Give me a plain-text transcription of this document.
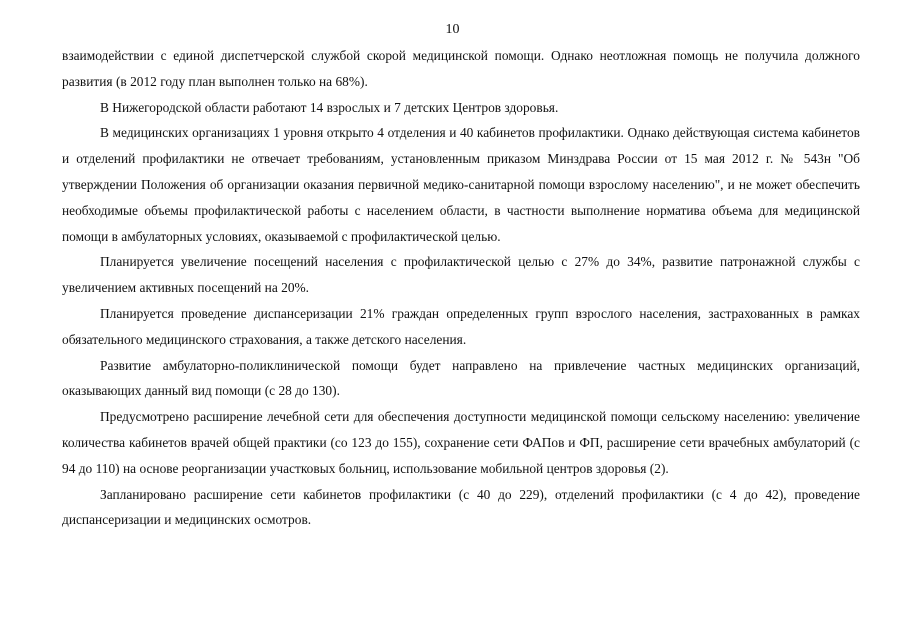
10

взаимодействии с единой диспетчерской службой скорой медицинской помощи. Однако неотложная помощь не получила должного развития (в 2012 году план выполнен только на 68%).

В Нижегородской области работают 14 взрослых и 7 детских Центров здоровья.

В медицинских организациях 1 уровня открыто 4 отделения и 40 кабинетов профилактики. Однако действующая система кабинетов и отделений профилактики не отвечает требованиям, установленным приказом Минздрава России от 15 мая 2012 г. № 543н "Об утверждении Положения об организации оказания первичной медико-санитарной помощи взрослому населению", и не может обеспечить необходимые объемы профилактической работы с населением области, в частности выполнение норматива объема для медицинской помощи в амбулаторных условиях, оказываемой с профилактической целью.

Планируется увеличение посещений населения с профилактической целью с 27% до 34%, развитие патронажной службы с увеличением активных посещений на 20%.

Планируется проведение диспансеризации 21% граждан определенных групп взрослого населения, застрахованных в рамках обязательного медицинского страхования, а также детского населения.

Развитие амбулаторно-поликлинической помощи будет направлено на привлечение частных медицинских организаций, оказывающих данный вид помощи (с 28 до 130).

Предусмотрено расширение лечебной сети для обеспечения доступности медицинской помощи сельскому населению: увеличение количества кабинетов врачей общей практики (со 123 до 155), сохранение сети ФАПов и ФП, расширение сети врачебных амбулаторий (с 94 до 110) на основе реорганизации участковых больниц, использование мобильной центров здоровья (2).

Запланировано расширение сети кабинетов профилактики (с 40 до 229), отделений профилактики (с 4 до 42), проведение диспансеризации и медицинских осмотров.
